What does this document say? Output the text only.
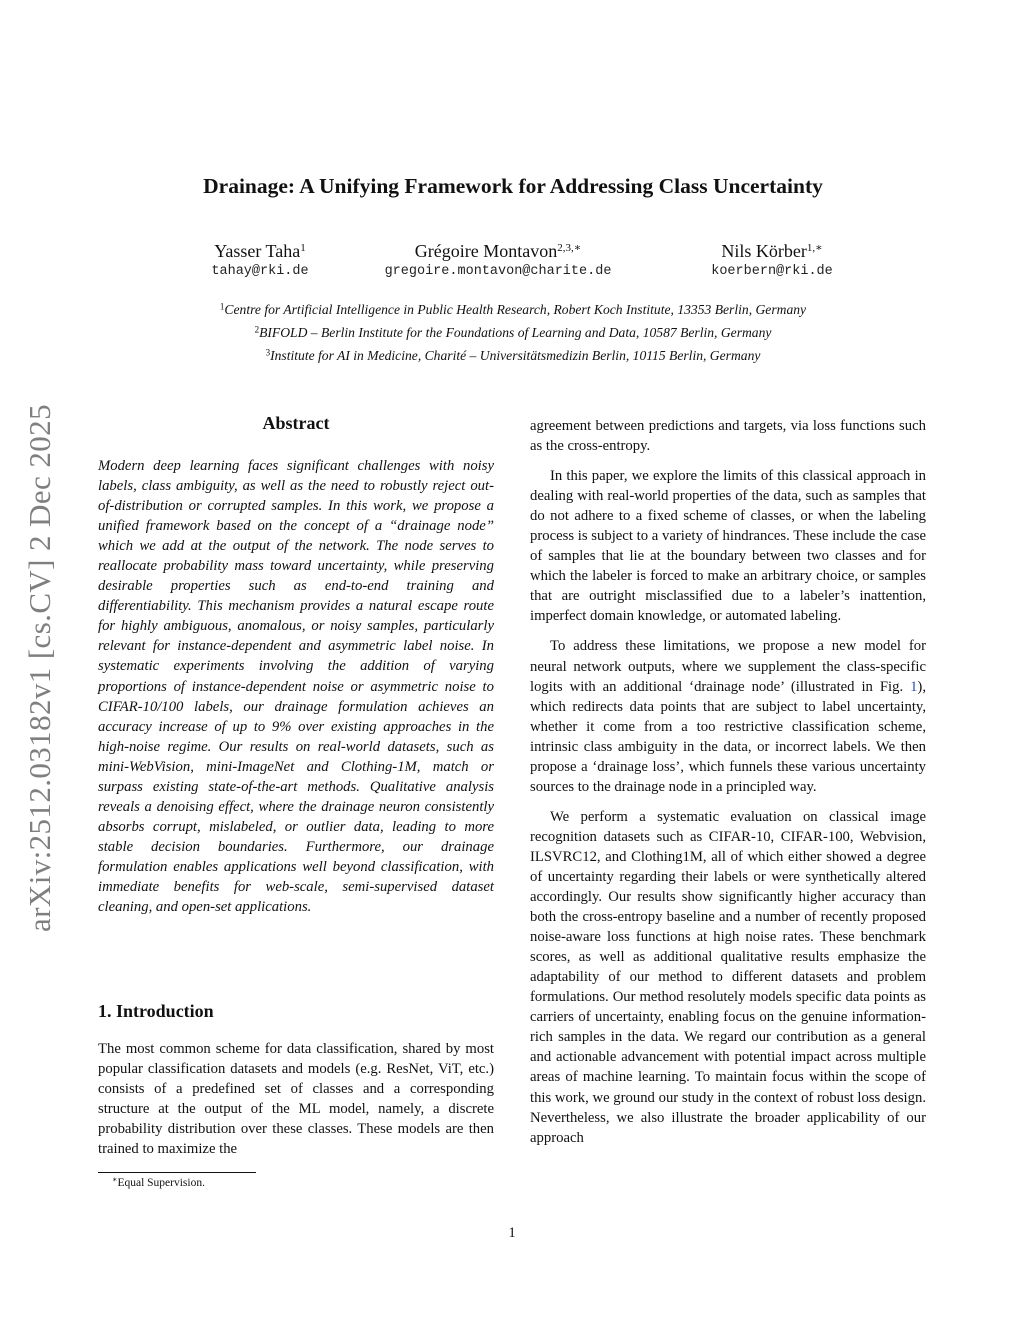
arXiv:2512.03182v1 [cs.CV] 2 Dec 2025
Drainage: A Unifying Framework for Addressing Class Uncertainty
Yasser Taha$^1$
tahay@rki.de
Grégoire Montavon$^{2,3,∗}$
gregoire.montavon@charite.de
Nils Körber$^{1,∗}$
koerbern@rki.de
$^1$Centre for Artificial Intelligence in Public Health Research, Robert Koch Institute, 13353 Berlin, Germany
$^2$BIFOLD – Berlin Institute for the Foundations of Learning and Data, 10587 Berlin, Germany
$^3$Institute for AI in Medicine, Charité – Universitätsmedizin Berlin, 10115 Berlin, Germany
Abstract
Modern deep learning faces significant challenges with noisy labels, class ambiguity, as well as the need to robustly reject out-of-distribution or corrupted samples. In this work, we propose a unified framework based on the concept of a “drainage node” which we add at the output of the network. The node serves to reallocate probability mass toward uncertainty, while preserving desirable properties such as end-to-end training and differentiability. This mechanism provides a natural escape route for highly ambiguous, anomalous, or noisy samples, particularly relevant for instance-dependent and asymmetric label noise. In systematic experiments involving the addition of varying proportions of instance-dependent noise or asymmetric noise to CIFAR-10/100 labels, our drainage formulation achieves an accuracy increase of up to 9% over existing approaches in the high-noise regime. Our results on real-world datasets, such as mini-WebVision, mini-ImageNet and Clothing-1M, match or surpass existing state-of-the-art methods. Qualitative analysis reveals a denoising effect, where the drainage neuron consistently absorbs corrupt, mislabeled, or outlier data, leading to more stable decision boundaries. Furthermore, our drainage formulation enables applications well beyond classification, with immediate benefits for web-scale, semi-supervised dataset cleaning, and open-set applications.
1. Introduction

The most common scheme for data classification, shared by most popular classification datasets and models (e.g. ResNet, ViT, etc.) consists of a predefined set of classes and a corresponding structure at the output of the ML model, namely, a discrete probability distribution over these classes. These models are then trained to maximize the

∗Equal Supervision.

agreement between predictions and targets, via loss functions such as the cross-entropy.

In this paper, we explore the limits of this classical approach in dealing with real-world properties of the data, such as samples that do not adhere to a fixed scheme of classes, or when the labeling process is subject to a variety of hindrances. These include the case of samples that lie at the boundary between two classes and for which the labeler is forced to make an arbitrary choice, or samples that are outright misclassified due to a labeler’s inattention, imperfect domain knowledge, or automated labeling.

To address these limitations, we propose a new model for neural network outputs, where we supplement the class-specific logits with an additional ‘drainage node’ (illustrated in Fig. 1), which redirects data points that are subject to label uncertainty, whether it come from a too restrictive classification scheme, intrinsic class ambiguity in the data, or incorrect labels. We then propose a ‘drainage loss’, which funnels these various uncertainty sources to the drainage node in a principled way.

We perform a systematic evaluation on classical image recognition datasets such as CIFAR-10, CIFAR-100, Webvision, ILSVRC12, and Clothing1M, all of which either showed a degree of uncertainty regarding their labels or were synthetically altered accordingly. Our results show significantly higher accuracy than both the cross-entropy baseline and a number of recently proposed noise-aware loss functions at high noise rates. These benchmark scores, as well as additional qualitative results emphasize the adaptability of our method to different datasets and problem formulations. Our method resolutely models specific data points as carriers of uncertainty, enabling focus on the genuine information-rich samples in the data. We regard our contribution as a general and actionable advancement with potential impact across multiple areas of machine learning. To maintain focus within the scope of this work, we ground our study in the context of robust loss design. Nevertheless, we also illustrate the broader applicability of our approach

1
